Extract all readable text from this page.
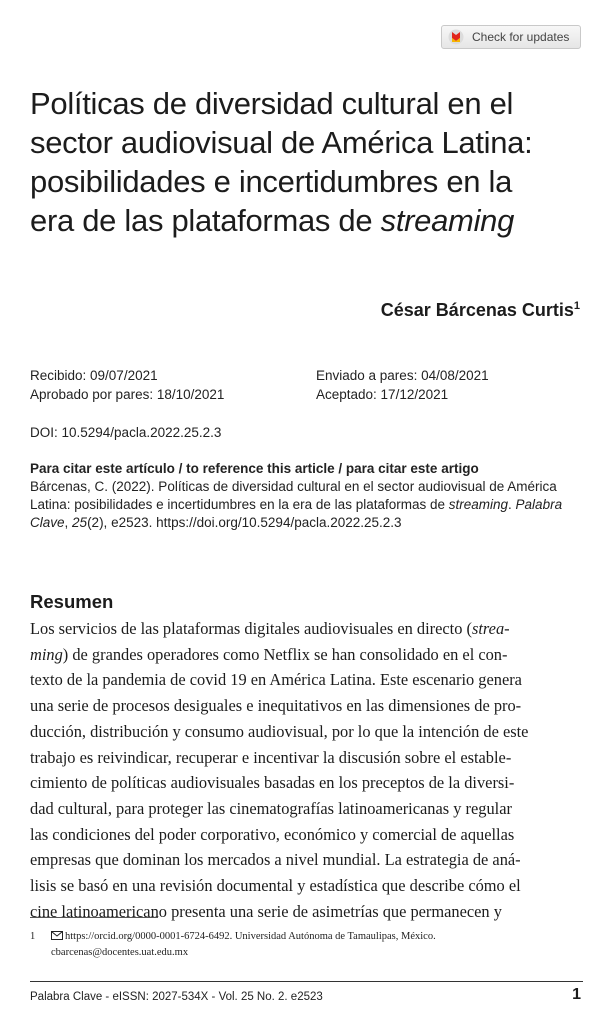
Check for updates
Políticas de diversidad cultural en el
sector audiovisual de América Latina:
posibilidades e incertidumbres en la
era de las plataformas de streaming
César Bárcenas Curtis$^1$
Recibido: 09/07/2021
Aprobado por pares: 18/10/2021
Enviado a pares: 04/08/2021
Aceptado: 17/12/2021
DOI: 10.5294/pacla.2022.25.2.3
Para citar este artículo / to reference this article / para citar este artigo
Bárcenas, C. (2022). Políticas de diversidad cultural en el sector audiovisual de América
Latina: posibilidades e incertidumbres en la era de las plataformas de streaming. Palabra
Clave, 25(2), e2523. https://doi.org/10.5294/pacla.2022.25.2.3
Resumen
Los servicios de las plataformas digitales audiovisuales en directo (strea-
ming) de grandes operadores como Netflix se han consolidado en el con-
texto de la pandemia de covid 19 en América Latina. Este escenario genera
una serie de procesos desiguales e inequitativos en las dimensiones de pro-
ducción, distribución y consumo audiovisual, por lo que la intención de este
trabajo es reivindicar, recuperar e incentivar la discusión sobre el estable-
cimiento de políticas audiovisuales basadas en los preceptos de la diversi-
dad cultural, para proteger las cinematografías latinoamericanas y regular
las condiciones del poder corporativo, económico y comercial de aquellas
empresas que dominan los mercados a nivel mundial. La estrategia de aná-
lisis se basó en una revisión documental y estadística que describe cómo el
cine latinoamericano presenta una serie de asimetrías que permanecen y
1	https://orcid.org/0000-0001-6724-6492. Universidad Autónoma de Tamaulipas, México.
cbarcenas@docentes.uat.edu.mx
Palabra Clave - eISSN: 2027-534X - Vol. 25 No. 2. e2523	1
